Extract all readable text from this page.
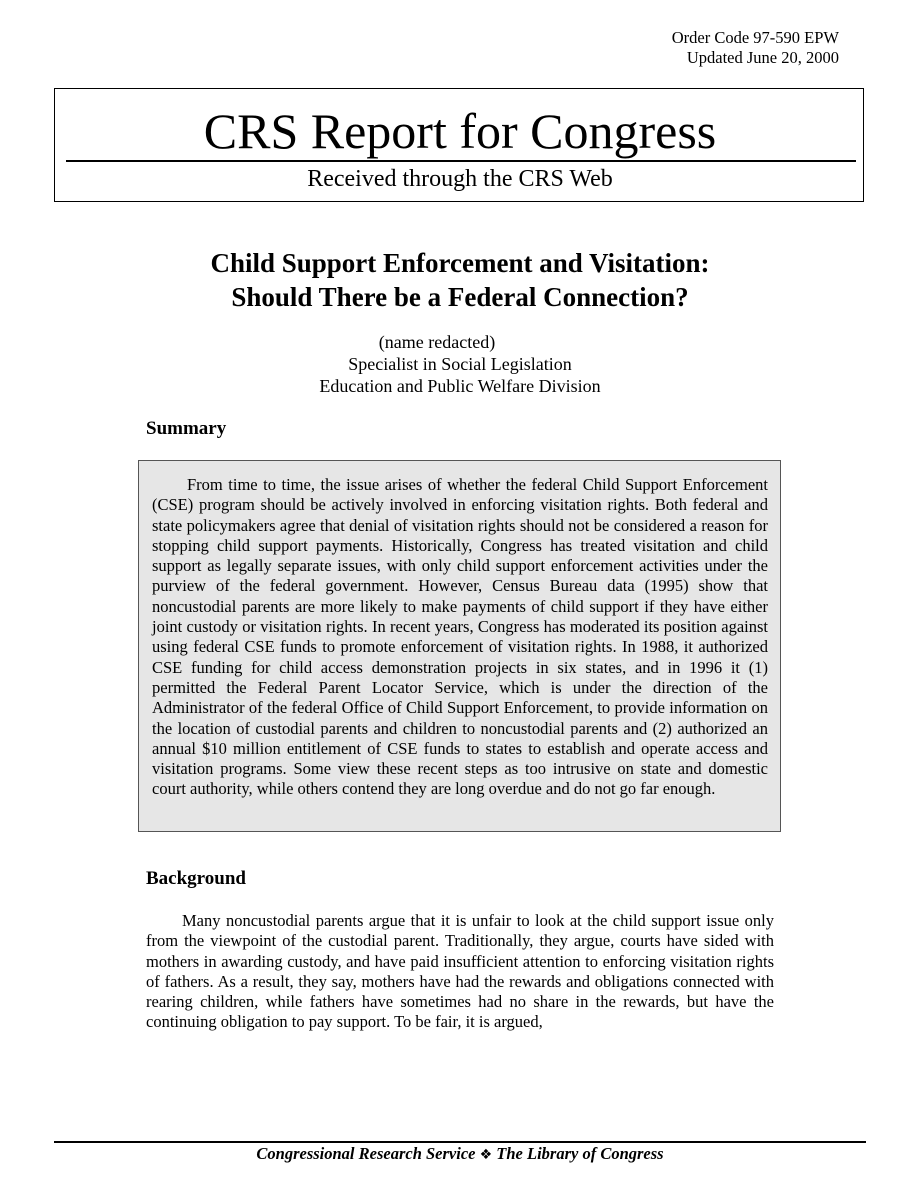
Order Code 97-590 EPW
Updated June 20, 2000
CRS Report for Congress
Received through the CRS Web
Child Support Enforcement and Visitation:
Should There be a Federal Connection?
(name redacted)
Specialist in Social Legislation
Education and Public Welfare Division
Summary

From time to time, the issue arises of whether the federal Child Support Enforcement (CSE) program should be actively involved in enforcing visitation rights. Both federal and state policymakers agree that denial of visitation rights should not be considered a reason for stopping child support payments. Historically, Congress has treated visitation and child support as legally separate issues, with only child support enforcement activities under the purview of the federal government. However, Census Bureau data (1995) show that noncustodial parents are more likely to make payments of child support if they have either joint custody or visitation rights. In recent years, Congress has moderated its position against using federal CSE funds to promote enforcement of visitation rights. In 1988, it authorized CSE funding for child access demonstration projects in six states, and in 1996 it (1) permitted the Federal Parent Locator Service, which is under the direction of the Administrator of the federal Office of Child Support Enforcement, to provide information on the location of custodial parents and children to noncustodial parents and (2) authorized an annual $10 million entitlement of CSE funds to states to establish and operate access and visitation programs. Some view these recent steps as too intrusive on state and domestic court authority, while others contend they are long overdue and do not go far enough.

Background

Many noncustodial parents argue that it is unfair to look at the child support issue only from the viewpoint of the custodial parent. Traditionally, they argue, courts have sided with mothers in awarding custody, and have paid insufficient attention to enforcing visitation rights of fathers. As a result, they say, mothers have had the rewards and obligations connected with rearing children, while fathers have sometimes had no share in the rewards, but have the continuing obligation to pay support. To be fair, it is argued,

Congressional Research Service ❖ The Library of Congress
